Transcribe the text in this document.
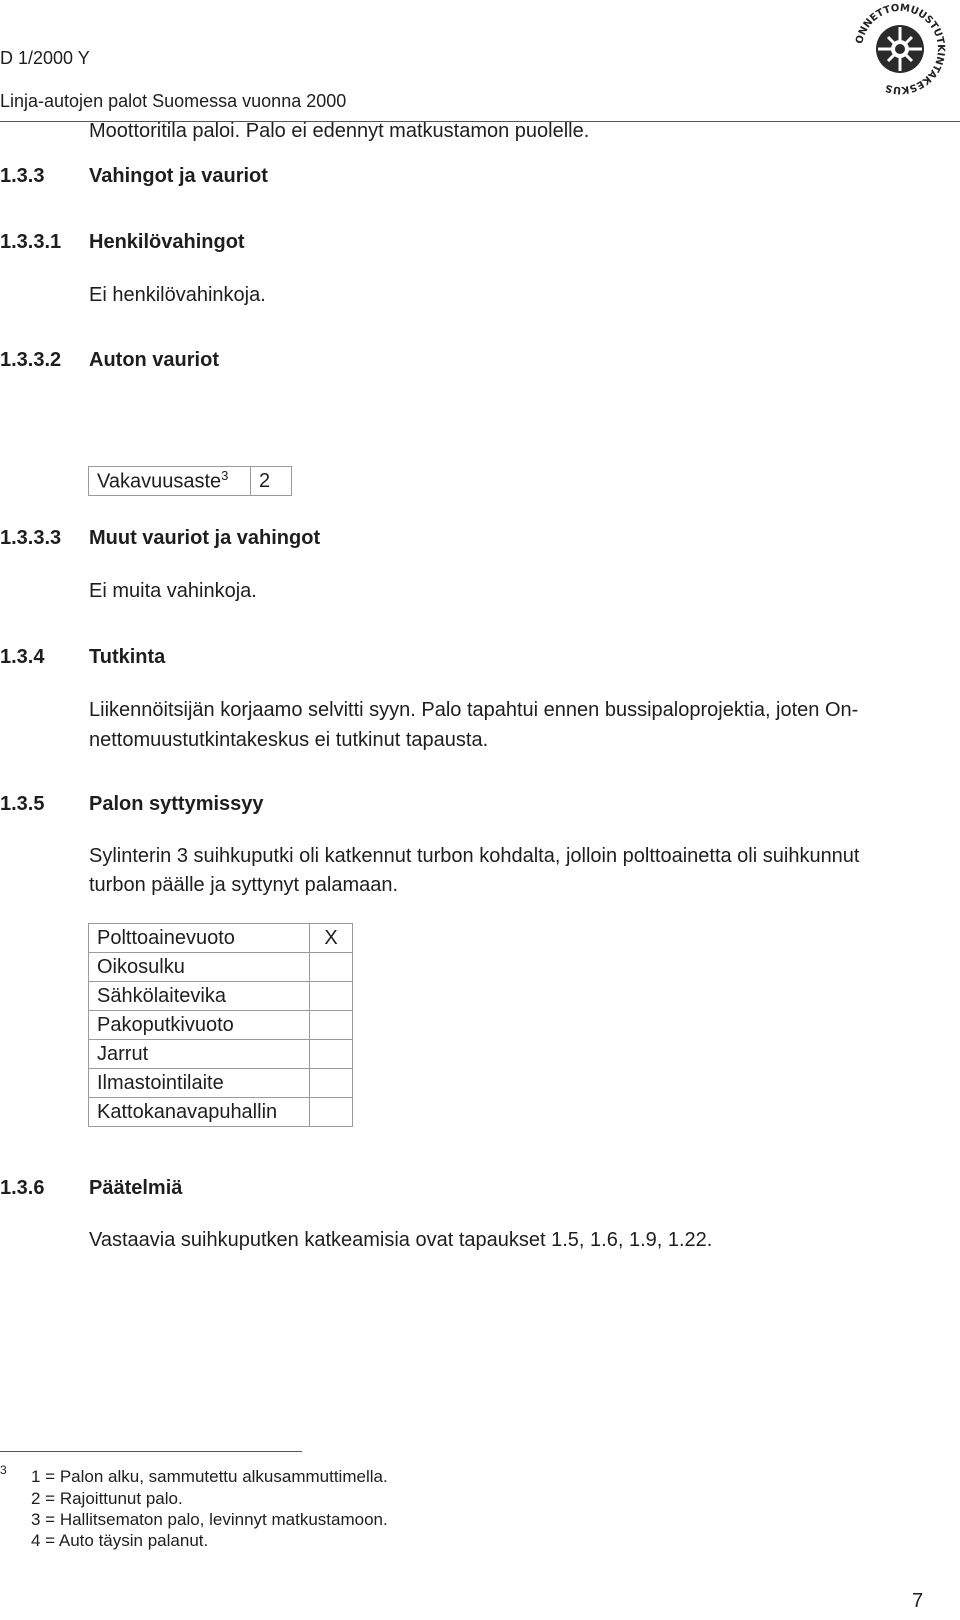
D 1/2000 Y
Linja-autojen palot Suomessa vuonna 2000
ONNETTOMUUSTUTKINTAKESKUS
1.3.3 Vahingot ja vauriot
1.3.3.1 Henkilövahingot
Ei henkilövahinkoja.
1.3.3.2 Auton vauriot
Moottoritila paloi. Palo ei edennyt matkustamon puolelle.
Vakavuusaste$^3$	2
1.3.3.3 Muut vauriot ja vahingot
Ei muita vahinkoja.
1.3.4 Tutkinta
Liikennöitsijän korjaamo selvitti syyn. Palo tapahtui ennen bussipaloprojektia, joten On-
nettomuustutkintakeskus ei tutkinut tapausta.
1.3.5 Palon syttymissyy
Sylinterin 3 suihkuputki oli katkennut turbon kohdalta, jolloin polttoainetta oli suihkunnut
turbon päälle ja syttynyt palamaan.
Polttoainevuoto	X
Oikosulku	
Sähkölaitevika	
Pakoputkivuoto	
Jarrut	
Ilmastointilaite	
Kattokanavapuhallin	
1.3.6 Päätelmiä
Vastaavia suihkuputken katkeamisia ovat tapaukset 1.5, 1.6, 1.9, 1.22.
3 1 = Palon alku, sammutettu alkusammuttimella.
2 = Rajoittunut palo.
3 = Hallitsematon palo, levinnyt matkustamoon.
4 = Auto täysin palanut.
7
